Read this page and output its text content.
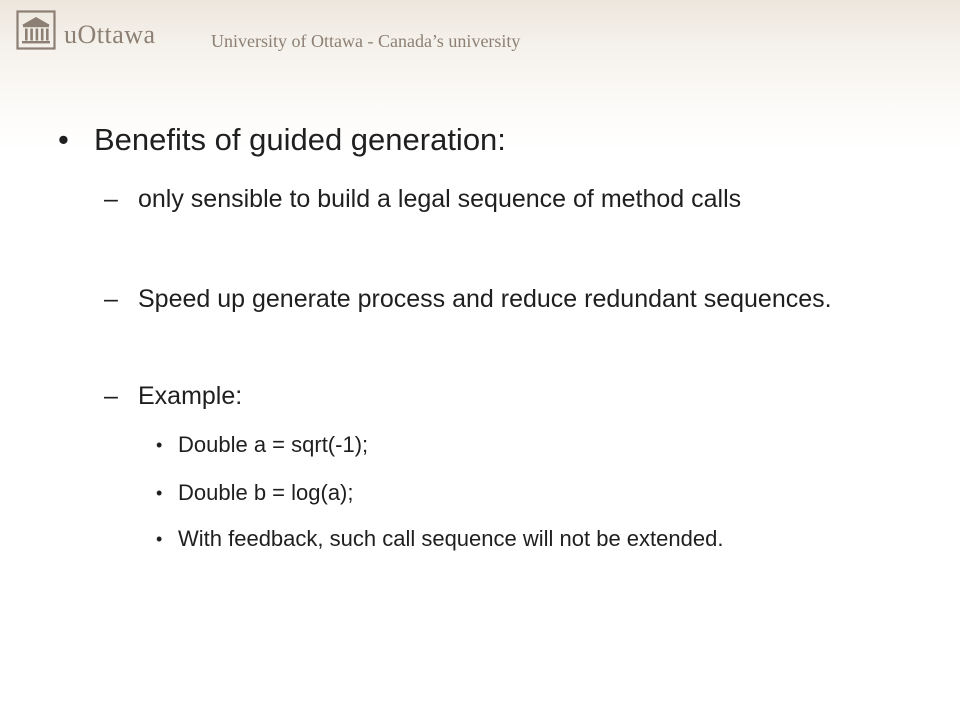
uOttawa	University of Ottawa - Canada’s university
• Benefits of guided generation:
– only sensible to build a legal sequence of method calls
– Speed up generate process and reduce redundant sequences.
– Example:
• Double a = sqrt(-1);
• Double b = log(a);
• With feedback, such call sequence will not be extended.
